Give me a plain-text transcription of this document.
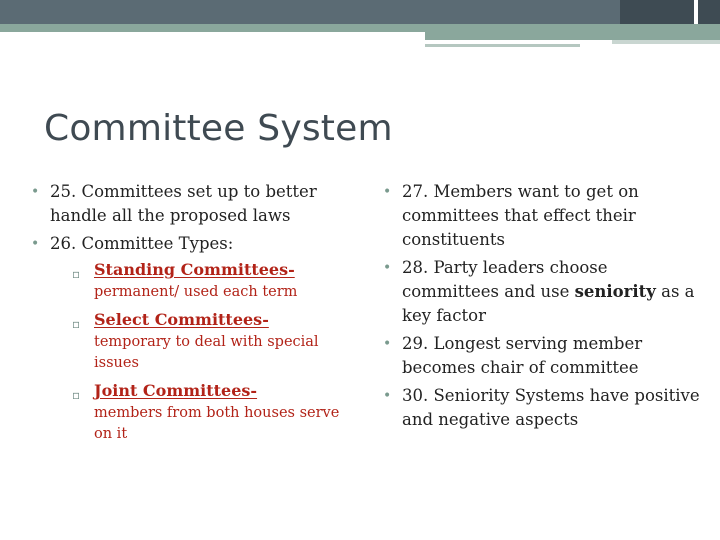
Committee System
• 25. Committees set up to better handle all the proposed laws
• 26. Committee Types:
▫ Standing Committees-
permanent/ used each term
▫ Select Committees-
temporary to deal with special issues
▫ Joint Committees-
members from both houses serve on it
• 27. Members want to get on committees that effect their constituents
• 28. Party leaders choose committees and use seniority as a key factor
• 29. Longest serving member becomes chair of committee
• 30. Seniority Systems have positive and negative aspects
